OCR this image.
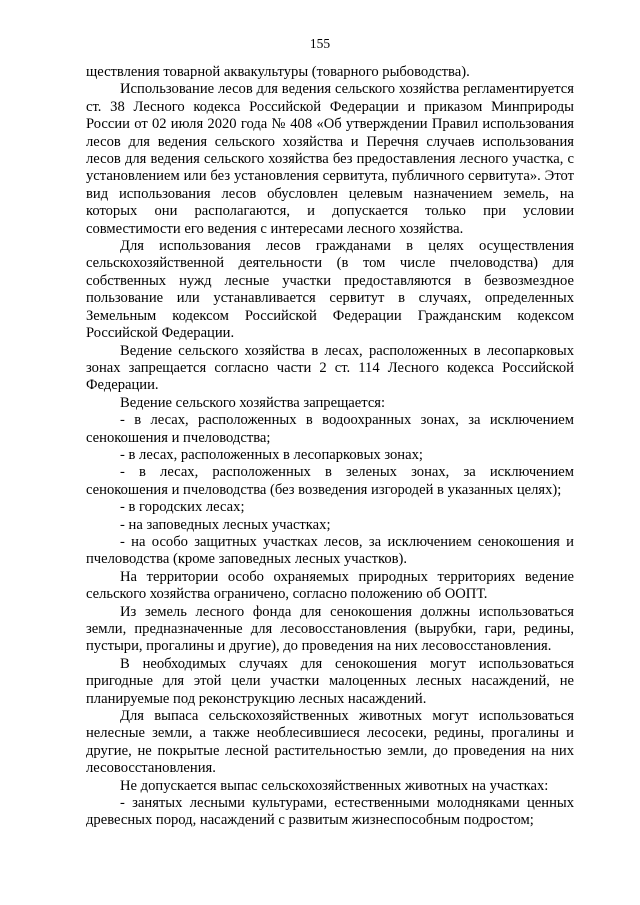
155

ществления товарной аквакультуры (товарного рыбоводства).

Использование лесов для ведения сельского хозяйства регламентируется ст. 38 Лесного кодекса Российской Федерации и приказом Минприроды России от 02 июля 2020 года № 408 «Об утверждении Правил использования лесов для ведения сельского хозяйства и Перечня случаев использования лесов для ведения сельского хозяйства без предоставления лесного участка, с установлением или без установления сервитута, публичного сервитута». Этот вид использования лесов обусловлен целевым назначением земель, на которых они располагаются, и допускается только при условии совместимости его ведения с интересами лесного хозяйства.

Для использования лесов гражданами в целях осуществления сельскохозяйственной деятельности (в том числе пчеловодства) для собственных нужд лесные участки предоставляются в безвозмездное пользование или устанавливается сервитут в случаях, определенных Земельным кодексом Российской Федерации Гражданским кодексом Российской Федерации.

Ведение сельского хозяйства в лесах, расположенных в лесопарковых зонах запрещается согласно части 2 ст. 114 Лесного кодекса Российской Федерации.

Ведение сельского хозяйства запрещается:

- в лесах, расположенных в водоохранных зонах, за исключением сенокошения и пчеловодства;

- в лесах, расположенных в лесопарковых зонах;

- в лесах, расположенных в зеленых зонах, за исключением сенокошения и пчеловодства (без возведения изгородей в указанных целях);

- в городских лесах;

- на заповедных лесных участках;

- на особо защитных участках лесов, за исключением сенокошения и пчеловодства (кроме заповедных лесных участков).

На территории особо охраняемых природных территориях ведение сельского хозяйства ограничено, согласно положению об ООПТ.

Из земель лесного фонда для сенокошения должны использоваться земли, предназначенные для лесовосстановления (вырубки, гари, редины, пустыри, прогалины и другие), до проведения на них лесовосстановления.

В необходимых случаях для сенокошения могут использоваться пригодные для этой цели участки малоценных лесных насаждений, не планируемые под реконструкцию лесных насаждений.

Для выпаса сельскохозяйственных животных могут использоваться нелесные земли, а также необлесившиеся лесосеки, редины, прогалины и другие, не покрытые лесной растительностью земли, до проведения на них лесовосстановления.

Не допускается выпас сельскохозяйственных животных на участках:

- занятых лесными культурами, естественными молодняками ценных древесных пород, насаждений с развитым жизнеспособным подростом;
